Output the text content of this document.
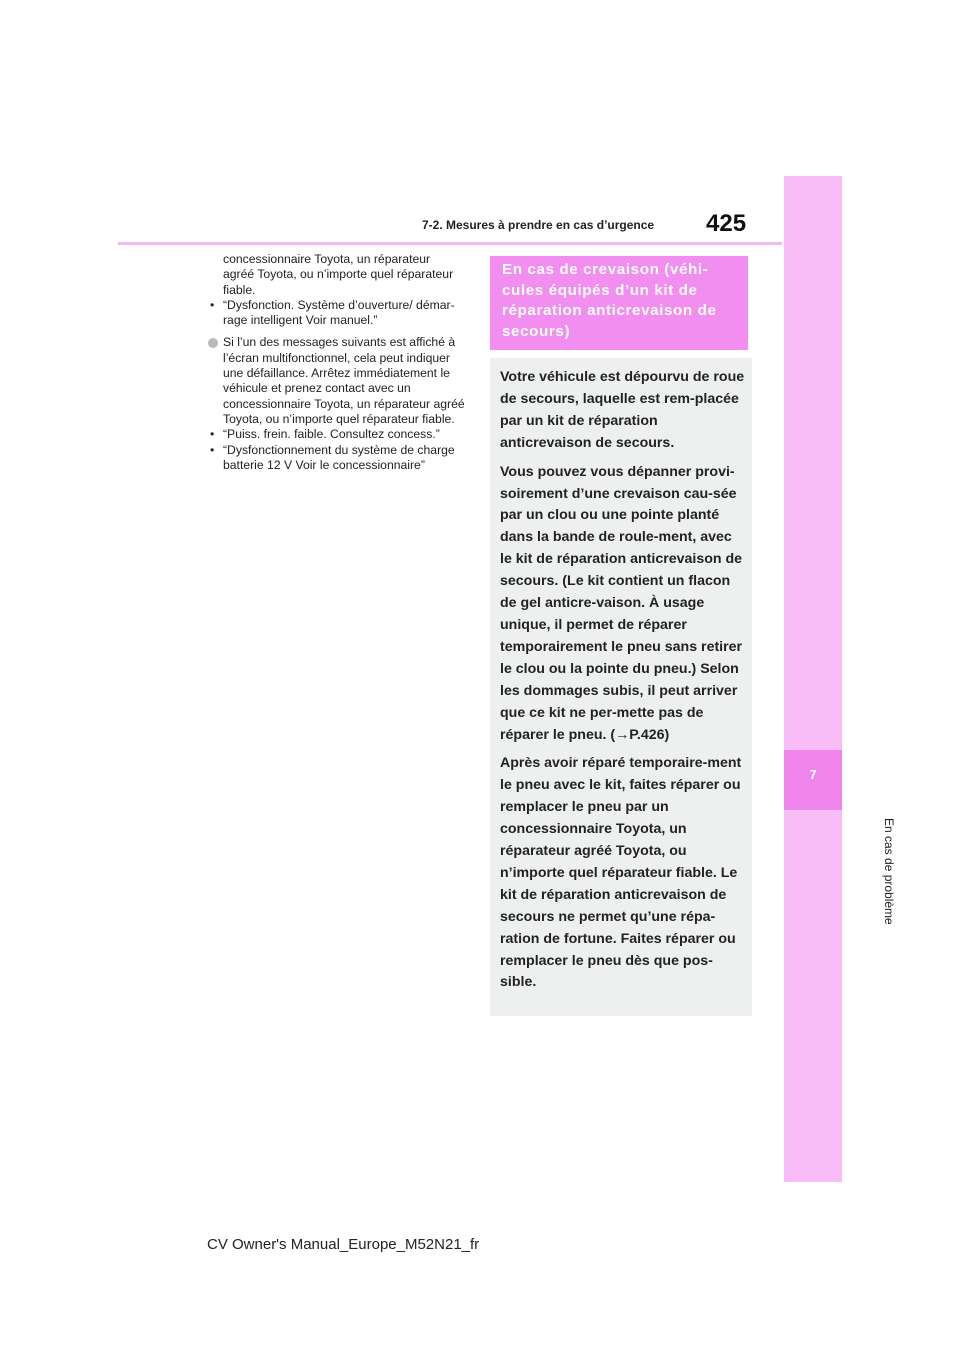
7-2. Mesures à prendre en cas d’urgence 425
7
En cas de problème

concessionnaire Toyota, un réparateur

agréé Toyota, ou n’importe quel réparateur

fiable.

• “Dysfonction. Système d’ouverture/ démar-rage intelligent Voir manuel.”

Si l’un des messages suivants est affiché à l’écran multifonctionnel, cela peut indiquer une défaillance. Arrêtez immédiatement le véhicule et prenez contact avec un concessionnaire Toyota, un réparateur agréé Toyota, ou n’importe quel réparateur fiable.

• “Puiss. frein. faible. Consultez concess.”

• “Dysfonctionnement du système de charge batterie 12 V Voir le concessionnaire”

En cas de crevaison (véhi-cules équipés d’un kit de réparation anticrevaison de secours)

Votre véhicule est dépourvu de roue de secours, laquelle est rem-placée par un kit de réparation anticrevaison de secours.

Vous pouvez vous dépanner provi-soirement d’une crevaison cau-sée par un clou ou une pointe planté dans la bande de roule-ment, avec le kit de réparation anticrevaison de secours. (Le kit contient un flacon de gel anticre-vaison. À usage unique, il permet de réparer temporairement le pneu sans retirer le clou ou la pointe du pneu.) Selon les dommages subis, il peut arriver que ce kit ne per-mette pas de réparer le pneu. (→P.426)

Après avoir réparé temporaire-ment le pneu avec le kit, faites réparer ou remplacer le pneu par un concessionnaire Toyota, un réparateur agréé Toyota, ou n’importe quel réparateur fiable. Le kit de réparation anticrevaison de secours ne permet qu’une répa-ration de fortune. Faites réparer ou remplacer le pneu dès que pos-sible.

CV Owner's Manual_Europe_M52N21_fr
